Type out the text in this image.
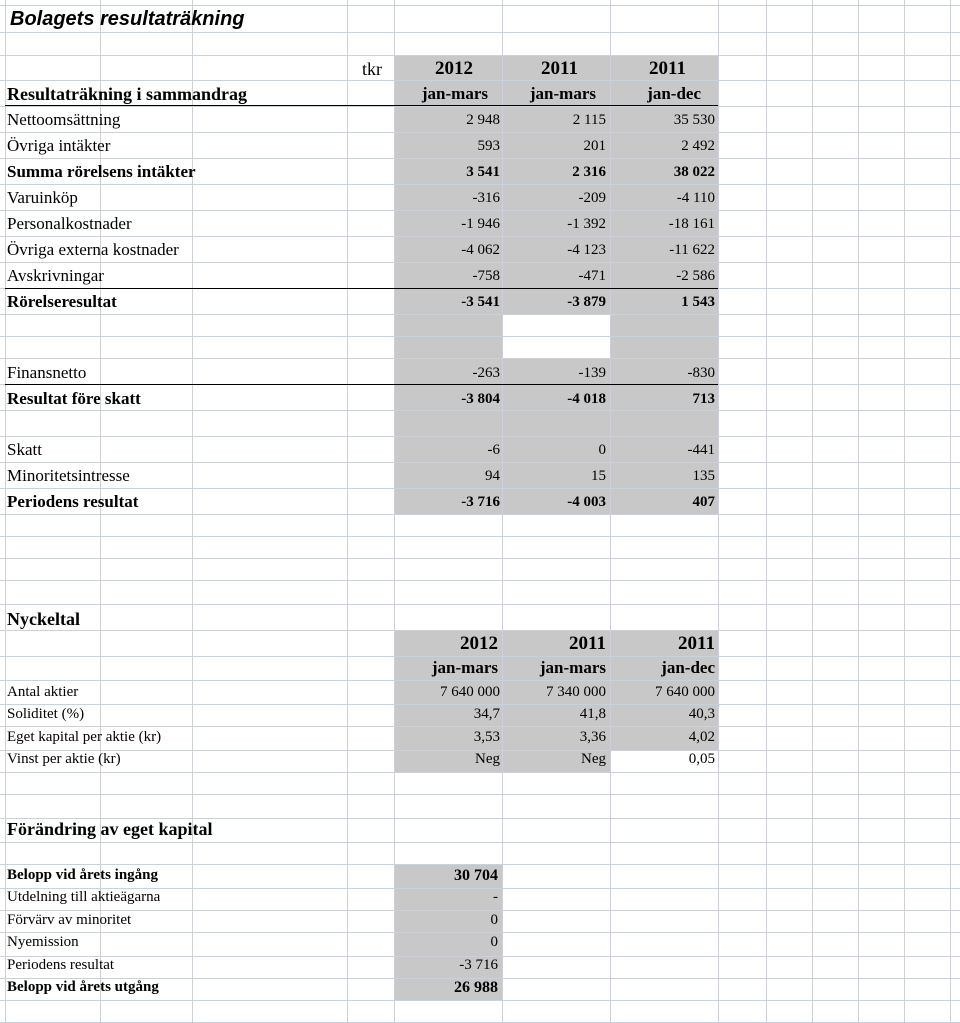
Bolagets resultaträkning
tkr	2012	2011	2011
Resultaträkning i sammandrag	jan-mars	jan-mars	jan-dec
Nettoomsättning	2 948	2 115	35 530
Övriga intäkter	593	201	2 492
Summa rörelsens intäkter	3 541	2 316	38 022
Varuinköp	-316	-209	-4 110
Personalkostnader	-1 946	-1 392	-18 161
Övriga externa kostnader	-4 062	-4 123	-11 622
Avskrivningar	-758	-471	-2 586
Rörelseresultat	-3 541	-3 879	1 543
Finansnetto	-263	-139	-830
Resultat före skatt	-3 804	-4 018	713
Skatt	-6	0	-441
Minoritetsintresse	94	15	135
Periodens resultat	-3 716	-4 003	407
Nyckeltal
2012	2011	2011
jan-mars	jan-mars	jan-dec
Antal aktier	7 640 000	7 340 000	7 640 000
Soliditet (%)	34,7	41,8	40,3
Eget kapital per aktie (kr)	3,53	3,36	4,02
Vinst per aktie (kr)	Neg	Neg	0,05
Förändring av eget kapital
Belopp vid årets ingång	30 704
Utdelning till aktieägarna	-
Förvärv av minoritet	0
Nyemission	0
Periodens resultat	-3 716
Belopp vid årets utgång	26 988
